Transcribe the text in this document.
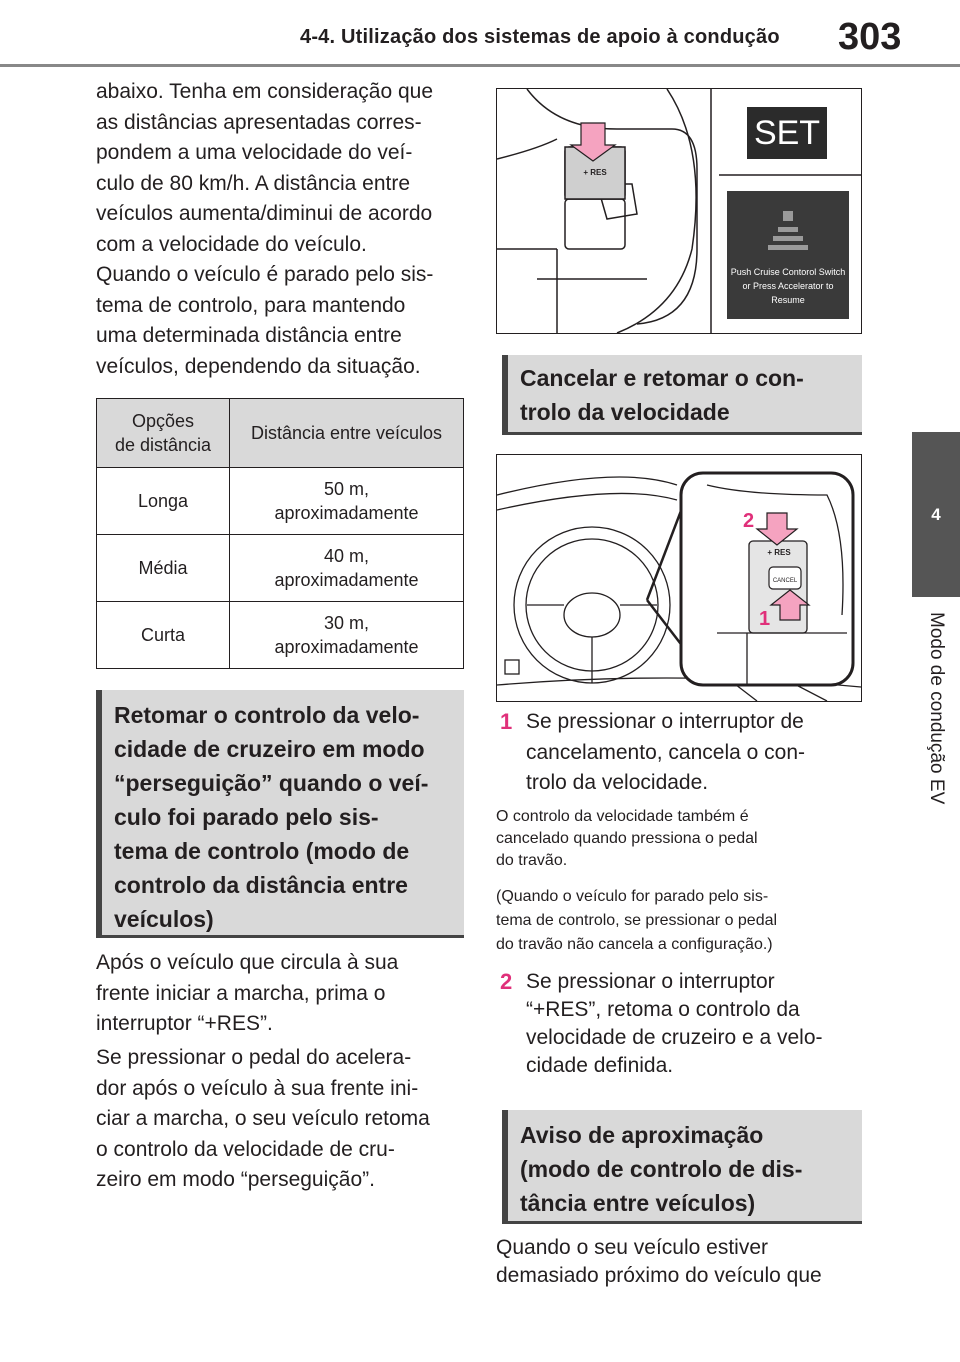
4-4. Utilização dos sistemas de apoio à condução 303
4
Modo de condução EV
abaixo. Tenha em consideração que
as distâncias apresentadas corres-
pondem a uma velocidade do veí-
culo de 80 km/h. A distância entre
veículos aumenta/diminui de acordo
com a velocidade do veículo.
Quando o veículo é parado pelo sis-
tema de controlo, para mantendo
uma determinada distância entre
veículos, dependendo da situação.
Opções
de distância	Distância entre veículos
Longa	50 m,
aproximadamente

Média	40 m,
aproximadamente

Curta	30 m,
aproximadamente
Retomar o controlo da velo-
cidade de cruzeiro em modo
“perseguição” quando o veí-
culo foi parado pelo sis-
tema de controlo (modo de
controlo da distância entre
veículos)
Após o veículo que circula à sua
frente iniciar a marcha, prima o
interruptor “+RES”.
Se pressionar o pedal do acelera-
dor após o veículo à sua frente ini-
ciar a marcha, o seu veículo retoma
o controlo da velocidade de cru-
zeiro em modo “perseguição”.
+ RES
SET
Push Cruise Contorol Switch
or Press Accelerator to
Resume
Cancelar e retomar o con-
trolo da velocidade
+ RES
CANCEL
2
1
1 Se pressionar o interruptor de
cancelamento, cancela o con-
trolo da velocidade.
O controlo da velocidade também é
cancelado quando pressiona o pedal
do travão.
(Quando o veículo for parado pelo sis-
tema de controlo, se pressionar o pedal
do travão não cancela a configuração.)
2 Se pressionar o interruptor
“+RES”, retoma o controlo da
velocidade de cruzeiro e a velo-
cidade definida.
Aviso de aproximação
(modo de controlo de dis-
tância entre veículos)
Quando o seu veículo estiver
demasiado próximo do veículo que
